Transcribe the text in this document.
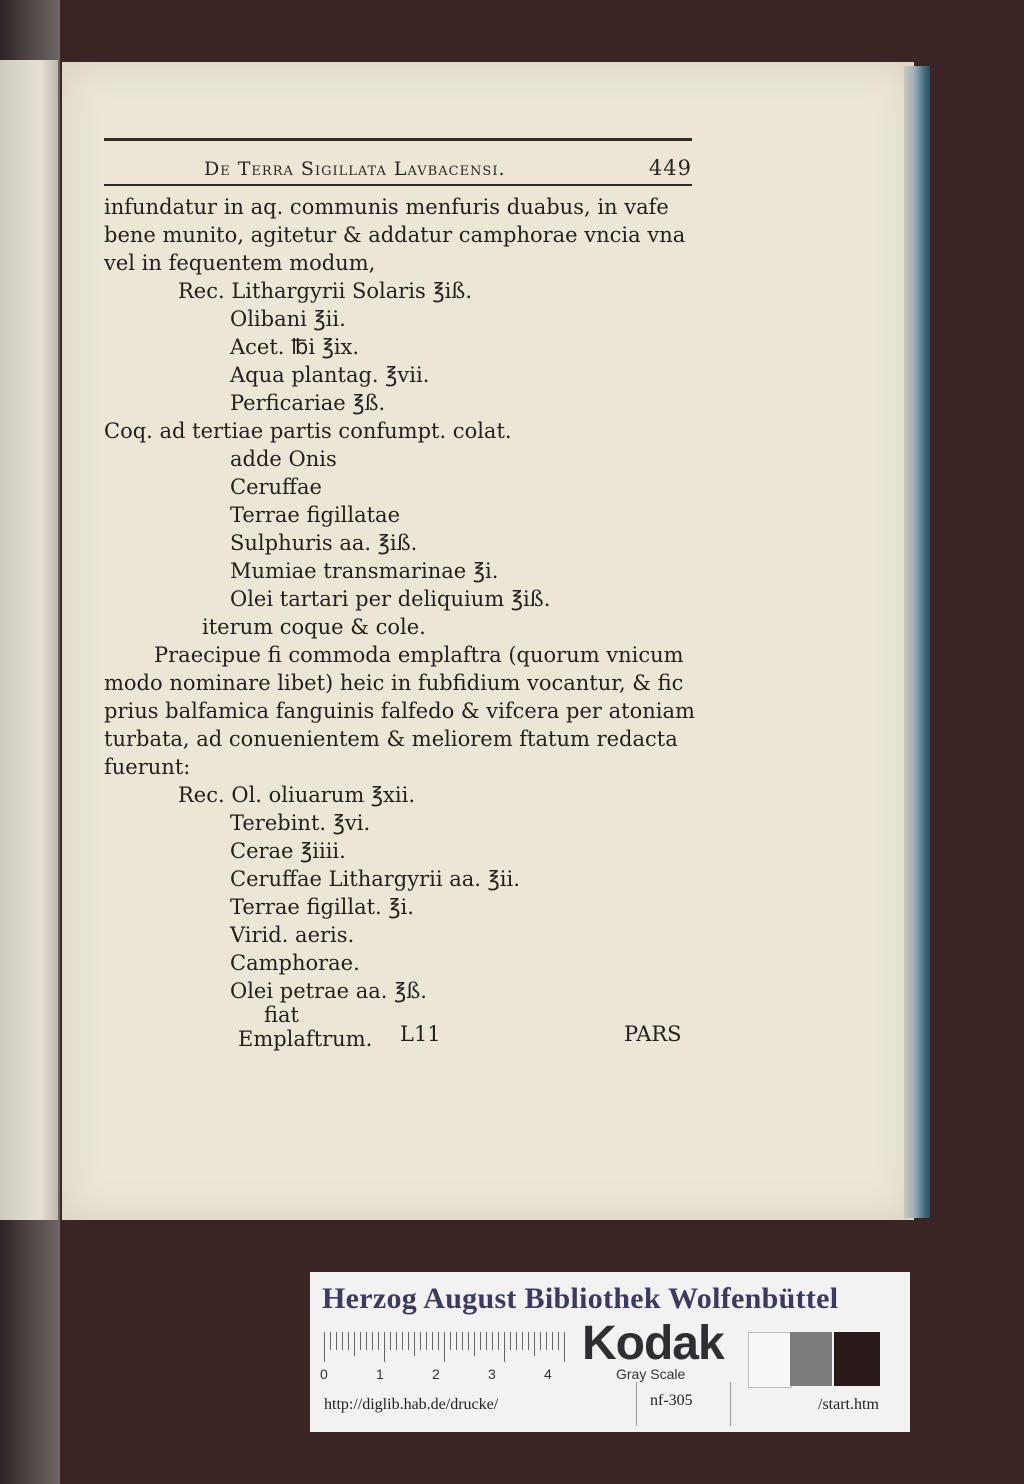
De Terra Sigillata Lavbacensi.	449
infundatur in aq. communis menfuris duabus, in vafe
bene munito, agitetur & addatur camphorae vncia vna
vel in fequentem modum,
Rec. Lithargyrii Solaris ℥iß.
Olibani ℥ii.
Acet. ℔i ℥ix.
Aqua plantag. ℥vii.
Perficariae ℥ß.
Coq. ad tertiae partis confumpt. colat.
adde Onis
Ceruffae
Terrae figillatae
Sulphuris aa. ℥iß.
Mumiae transmarinae ℥i.
Olei tartari per deliquium ℥iß.
iterum coque & cole.
Praecipue fi commoda emplaftra (quorum vnicum
modo nominare libet) heic in fubfidium vocantur, & fic
prius balfamica fanguinis falfedo & vifcera per atoniam
turbata, ad conuenientem & meliorem ftatum redacta
fuerunt:
Rec. Ol. oliuarum ℥xii.
Terebint. ℥vi.
Cerae ℥iiii.
Ceruffae Lithargyrii aa. ℥ii.
Terrae figillat. ℥i.
Virid. aeris.
Camphorae.
Olei petrae aa. ℥ß.
fiat
Emplaftrum. L11	PARS
Herzog August Bibliothek Wolfenbüttel
0	1	2	3	4
Kodak
Gray Scale
http://diglib.hab.de/drucke/	nf-305	/start.htm
